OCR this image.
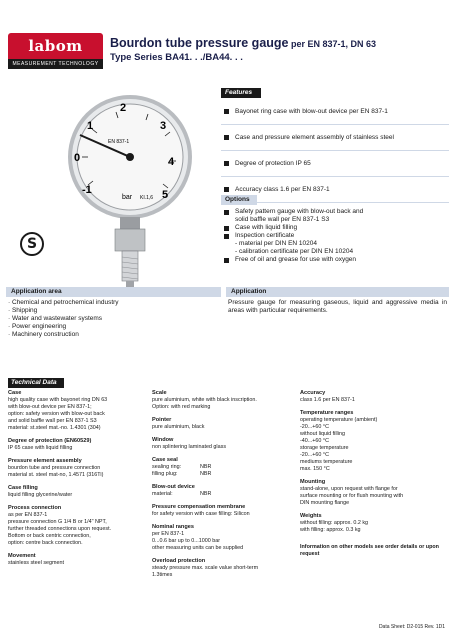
labom
MEASUREMENT TECHNOLOGY
Bourdon tube pressure gauge per EN 837-1, DN 63
Type Series BA41. . ./BA44. . .
-1
0
1
2
3
4
5
EN 837-1
bar KI.1,6
S
Features
Bayonet ring case with blow-out device per EN 837-1
Case and pressure element assembly of stainless steel
Degree of protection IP 65
Accuracy class 1.6 per EN 837-1
Options
Safety pattern gauge with blow-out back and
solid baffle wall per EN 837-1 S3
Case with liquid filling
Inspection certificate
- material per DIN EN 10204
- calibration certificate per DIN EN 10204
Free of oil and grease for use with oxygen
Application area	Application
· Chemical and petrochemical industry
· Shipping
· Water and wastewater systems
· Power engineering
· Machinery construction
Pressure gauge for measuring gaseous, liquid and aggressive media in areas with particular requirements.
Technical Data
Case

high quality case with bayonet ring DN 63

with blow-out device per EN 837-1;

option: safety version with blow-out back

and solid baffle wall per EN 837-1 S3

material: st.steel mat.-no. 1.4301 (304)

Degree of protection (EN60529)

IP 65 case with liquid filling

Pressure element assembly

bourdon tube and pressure connection

material st. steel mat-no, 1.4571 (316Ti)

Case filling

liquid filling glycerine/water

Process connection

as per EN 837-1

pressure connection G 1/4 B or 1/4" NPT,

further threaded connections upon request.

Bottom or back centric connection,

option: centre back connection.

Movement

stainless steel segment

Scale

pure aluminium, white with black inscription.

Option: with red marking

Pointer

pure aluminium, black

Window

non splintering laminated glass

Case seal
sealing ring:	NBR
filling plug:	NBR
Blow-out device
material:	NBR
Pressure compensation membrane

for safety version with case filling: Silicon

Nominal ranges

per EN 837-1

0...0.6 bar up to 0...1000 bar

other measuring units can be supplied

Overload protection

steady pressure max. scale value short-term

1.3times

Accuracy

class 1.6 per EN 837-1

Temperature ranges

operating temperature (ambient)

-20...+60 °C

without liquid filling

-40...+60 °C

storage temperature

-20...+60 °C

mediums temperature

max. 150 °C

Mounting

stand-alone, upon request with flange for

surface mounting or for flush mounting with

DIN mounting flange

Weights

without filling: approx. 0.2 kg

with filling: approx. 0.3 kg

Information on other models see order details or upon request

Data Sheet: D2-015 Rev. 1D1
